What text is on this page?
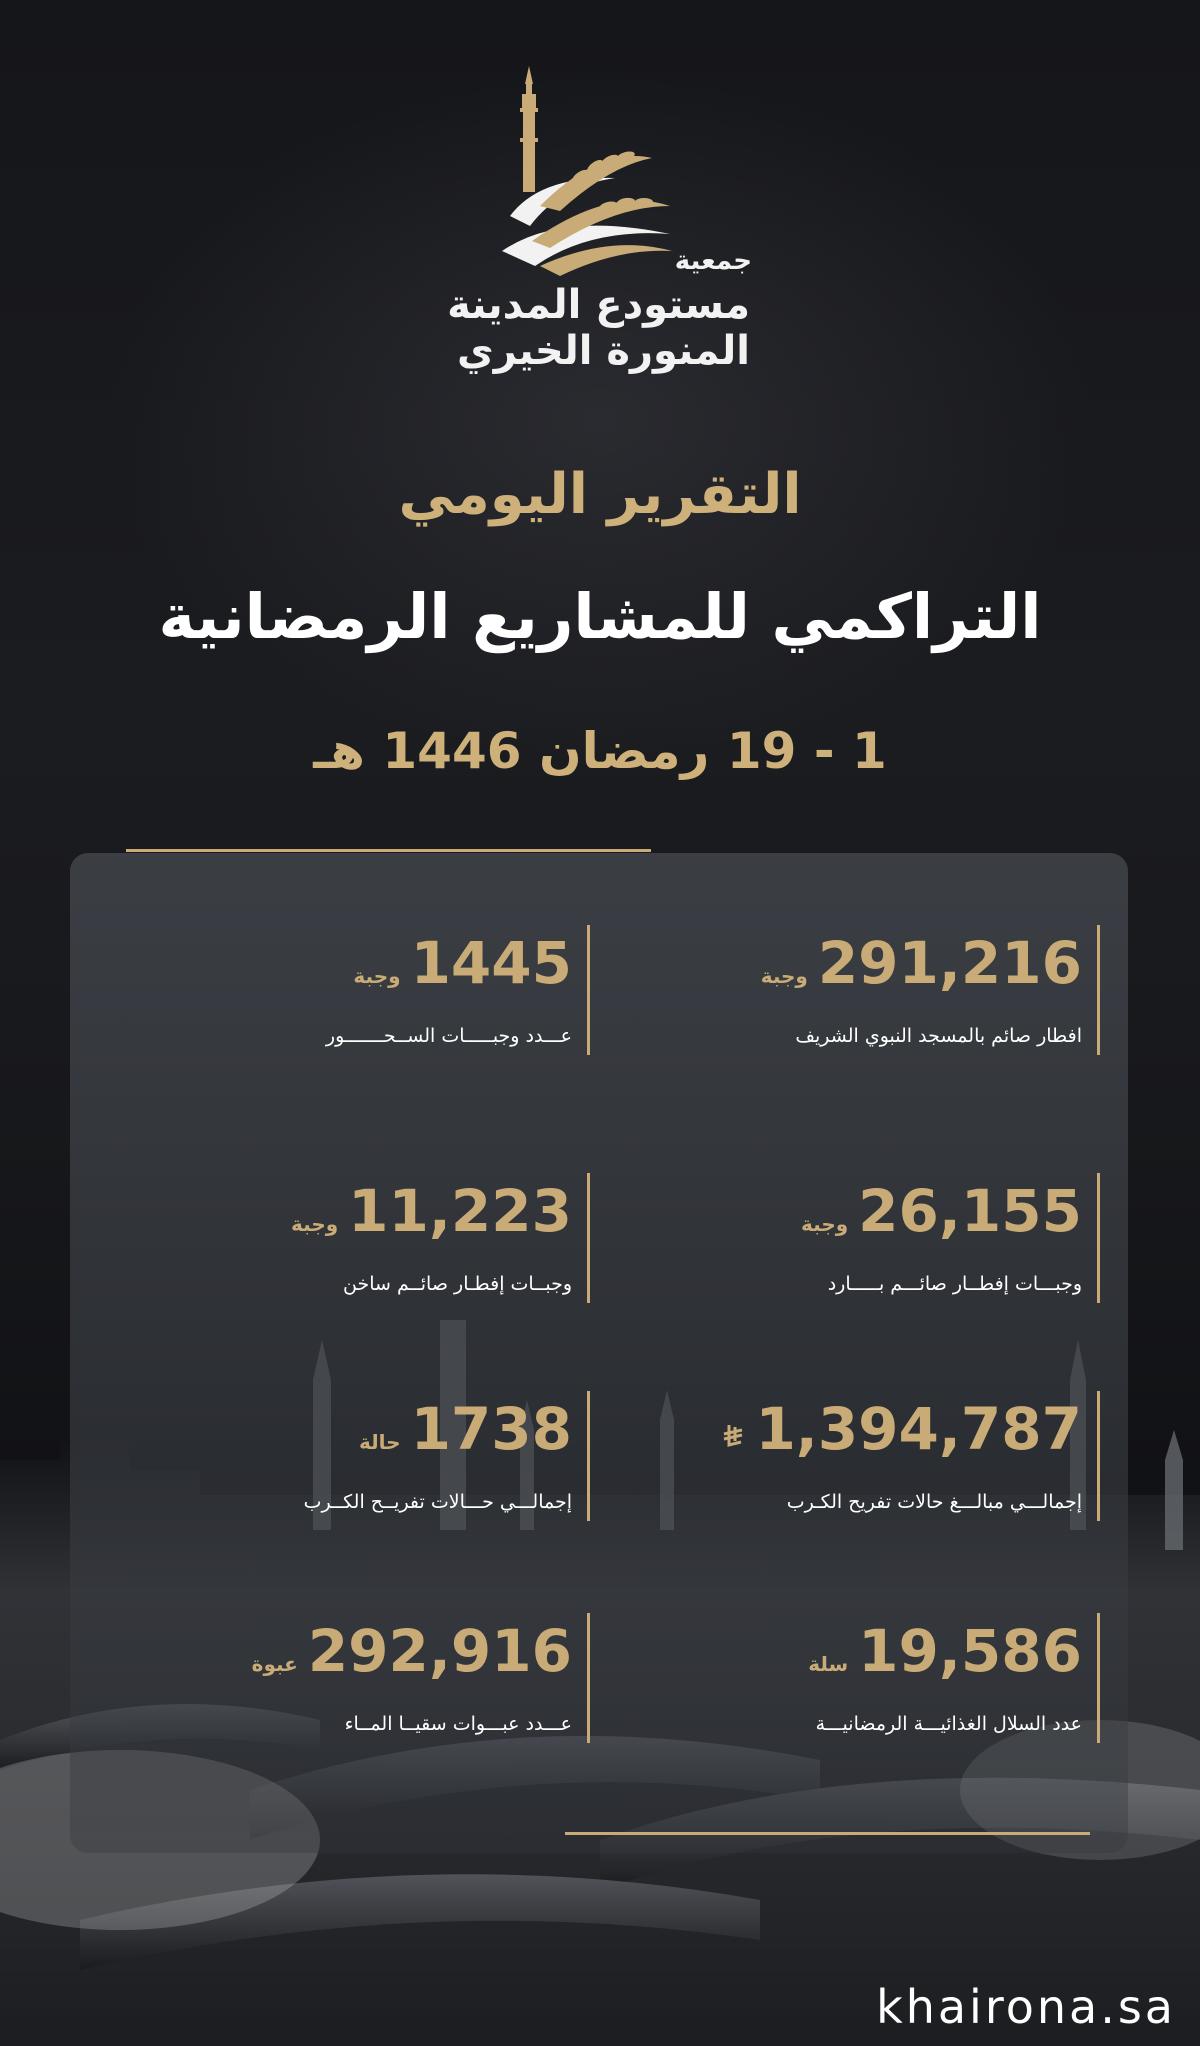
جمعية
مستودع المدينة
المنورة الخيري
التقرير اليومي
التراكمي للمشاريع الرمضانية
1 - 19 رمضان 1446 هـ
291,216
وجبة
افطار صائم بالمسجد النبوي الشريف
1445
وجبة
عـــدد وجبـــــات الســحـــــــور
26,155
وجبة
وجبـــات إفطــار صائـــم بـــــارد
11,223
وجبة
وجبــات إفطـار صائــم ساخن
1,394,787
إجمالـــي مبالـــغ حالات تفريح الكـرب
1738
حالة
إجمالـــي حـــالات تفريــح الكــرب
19,586
سلة
عدد السلال الغذائيـــة الرمضانيـــة
292,916
عبوة
عـــدد عبـــوات سقيــا المــاء
khairona.sa
